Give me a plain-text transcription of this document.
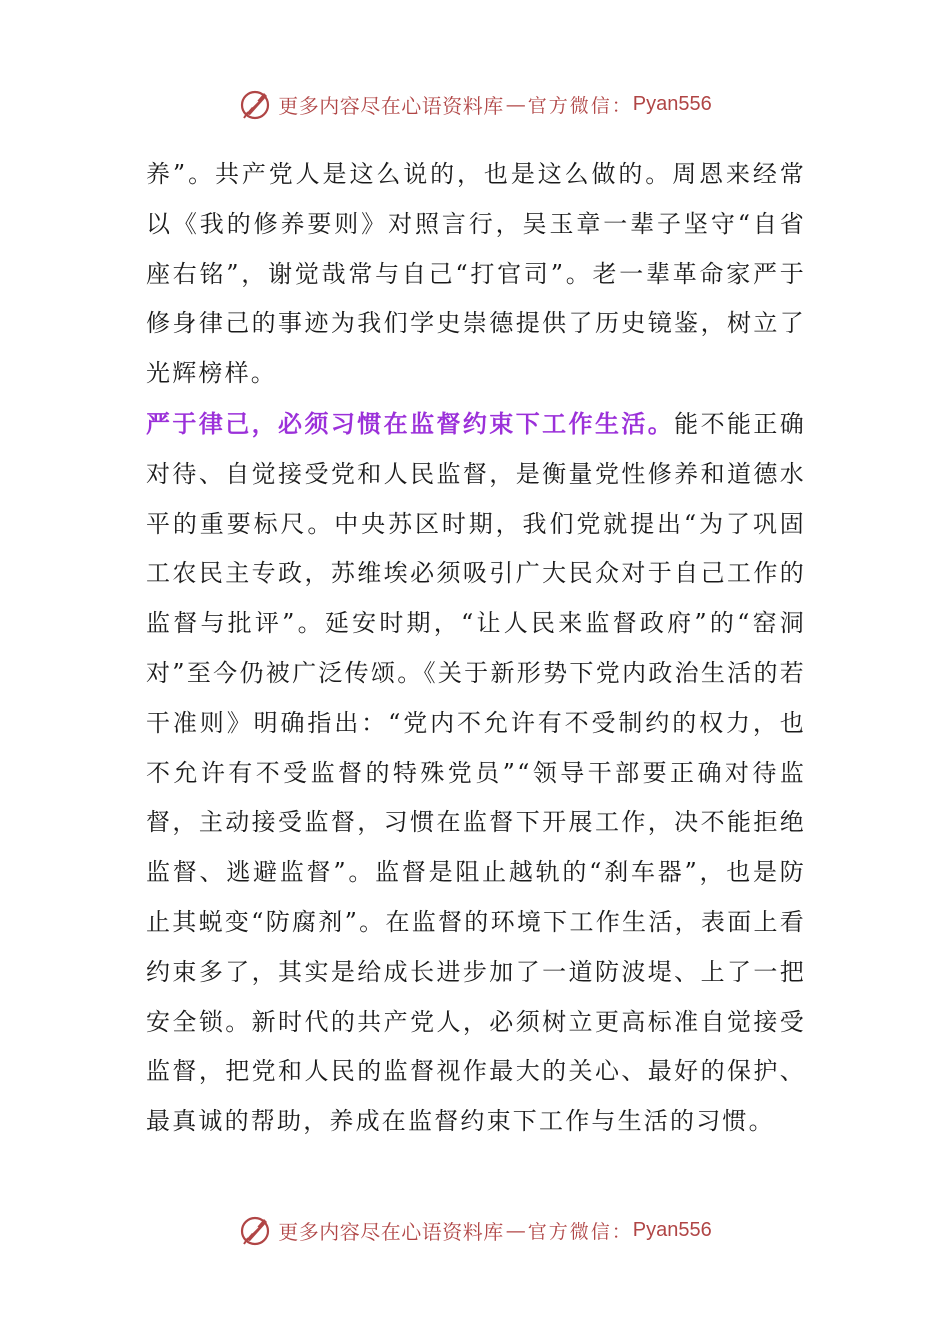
更多内容尽在心语资料库 — 官方微信： Pyan556

养”。共产党人是这么说的，也是这么做的。周恩来经常以《我的修养要则》对照言行，吴玉章一辈子坚守“自省座右铭”，谢觉哉常与自己“打官司”。老一辈革命家严于修身律己的事迹为我们学史崇德提供了历史镜鉴，树立了光辉榜样。

严于律己，必须习惯在监督约束下工作生活。能不能正确对待、自觉接受党和人民监督，是衡量党性修养和道德水平的重要标尺。中央苏区时期，我们党就提出“为了巩固工农民主专政，苏维埃必须吸引广大民众对于自己工作的监督与批评”。延安时期，“让人民来监督政府”的“窑洞对”至今仍被广泛传颂。《关于新形势下党内政治生活的若干准则》明确指出：“党内不允许有不受制约的权力，也不允许有不受监督的特殊党员”“领导干部要正确对待监督，主动接受监督，习惯在监督下开展工作，决不能拒绝监督、逃避监督”。监督是阻止越轨的“刹车器”，也是防止其蜕变“防腐剂”。在监督的环境下工作生活，表面上看约束多了，其实是给成长进步加了一道防波堤、上了一把安全锁。新时代的共产党人，必须树立更高标准自觉接受监督，把党和人民的监督视作最大的关心、最好的保护、最真诚的帮助，养成在监督约束下工作与生活的习惯。

更多内容尽在心语资料库 — 官方微信： Pyan556
